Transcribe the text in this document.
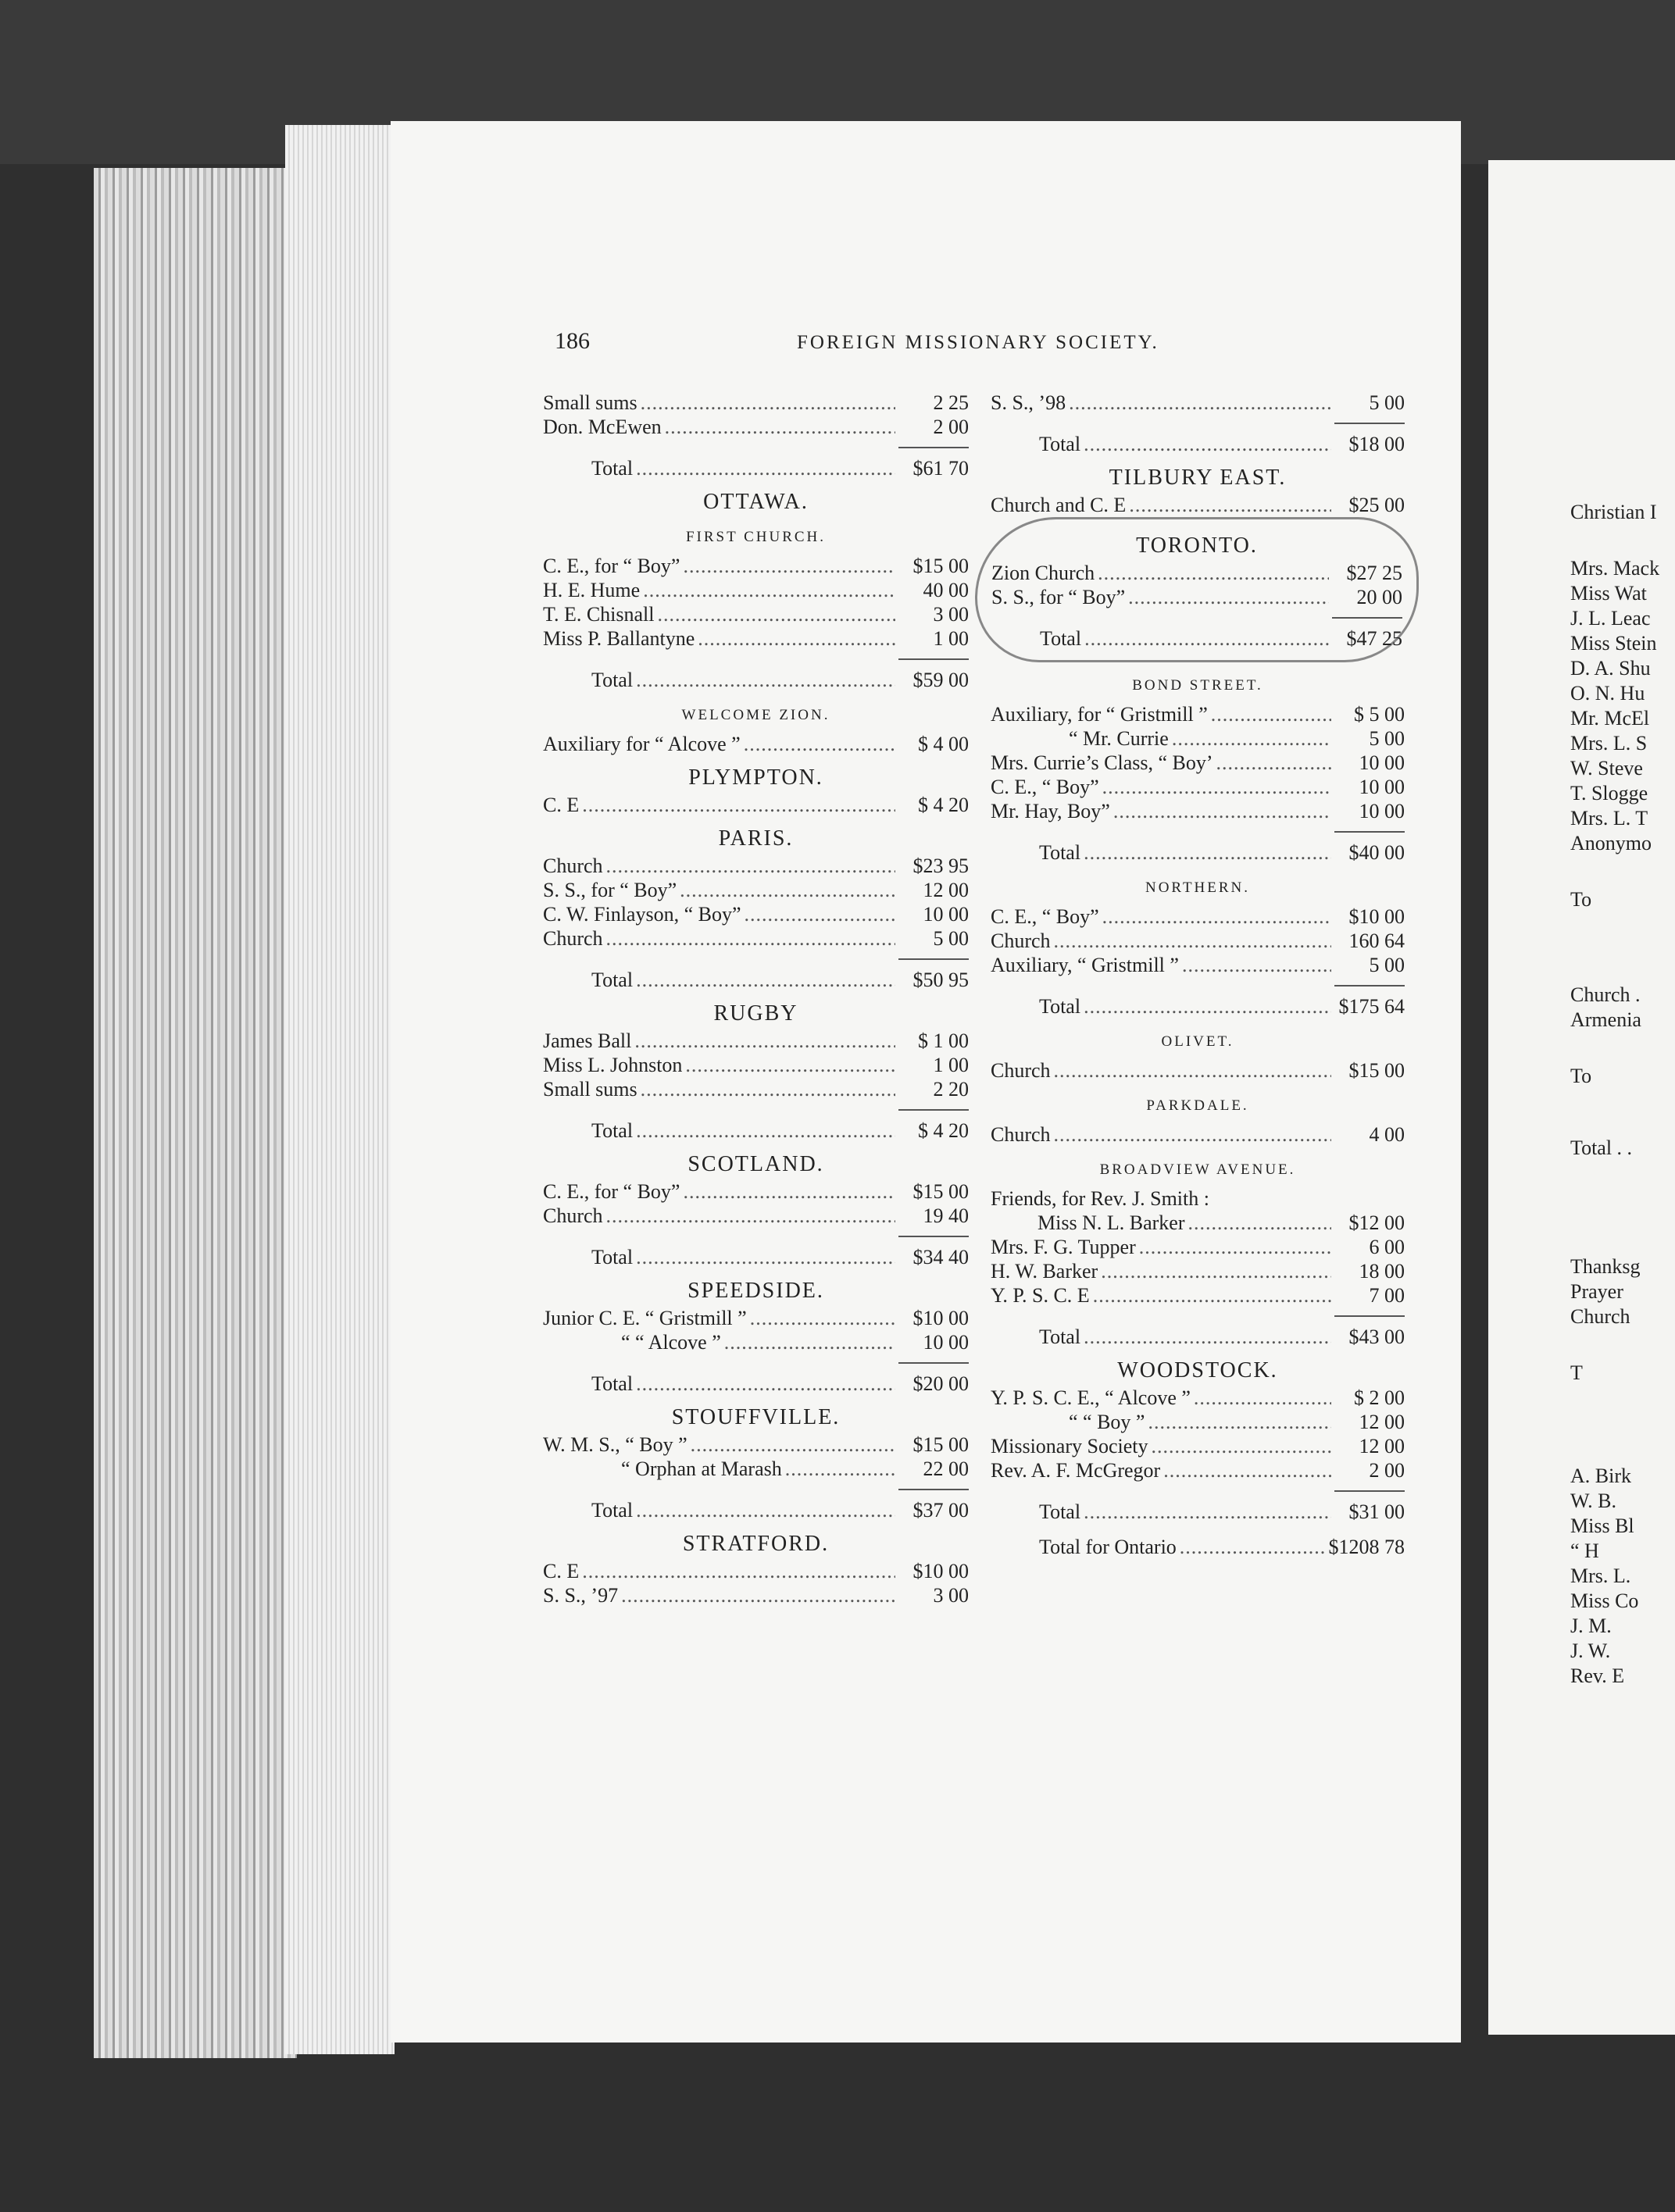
186	FOREIGN MISSIONARY SOCIETY.
Small sums .....	2 25
Don. McEwen .....	2 00
Total .....	$61 70
OTTAWA.
FIRST CHURCH.
C. E., for “ Boy” .....	$15 00
H. E. Hume .....	40 00
T. E. Chisnall .....	3 00
Miss P. Ballantyne .....	1 00
Total .....	$59 00
WELCOME ZION.
Auxiliary for “ Alcove ” .....	$ 4 00
PLYMPTON.
C. E .....	$ 4 20
PARIS.
Church .....	$23 95
S. S., for “ Boy” .....	12 00
C. W. Finlayson, “ Boy” .....	10 00
Church .....	5 00
Total .....	$50 95
RUGBY
James Ball .....	$ 1 00
Miss L. Johnston .....	1 00
Small sums .....	2 20
Total .....	$ 4 20
SCOTLAND.
C. E., for “ Boy” .....	$15 00
Church .....	19 40
Total .....	$34 40
SPEEDSIDE.
Junior C. E. “ Gristmill ” .....	$10 00
“ “ Alcove ” .....	10 00
Total .....	$20 00
STOUFFVILLE.
W. M. S., “ Boy ” .....	$15 00
“ Orphan at Marash .....	22 00
Total .....	$37 00
STRATFORD.
C. E .....	$10 00
S. S., ’97 .....	3 00
S. S., ’98 .....	5 00
Total .....	$18 00
TILBURY EAST.
Church and C. E .....	$25 00
TORONTO.
Zion Church .....	$27 25
S. S., for “ Boy” .....	20 00
Total .....	$47 25
BOND STREET.
Auxiliary, for “ Gristmill ” .....	$ 5 00
“ Mr. Currie .....	5 00
Mrs. Currie’s Class, “ Boy’ .....	10 00
C. E., “ Boy” .....	10 00
Mr. Hay, Boy” .....	10 00
Total .....	$40 00
NORTHERN.
C. E., “ Boy” .....	$10 00
Church .....	160 64
Auxiliary, “ Gristmill ” .....	5 00
Total .....	$175 64
OLIVET.
Church .....	$15 00
PARKDALE.
Church .....	4 00
BROADVIEW AVENUE.
Friends, for Rev. J. Smith :
Miss N. L. Barker .....	$12 00
Mrs. F. G. Tupper .....	6 00
H. W. Barker .....	18 00
Y. P. S. C. E .....	7 00
Total .....	$43 00
WOODSTOCK.
Y. P. S. C. E., “ Alcove ” .....	$ 2 00
“ “ Boy ” .....	12 00
Missionary Society .....	12 00
Rev. A. F. McGregor .....	2 00
Total .....	$31 00
Total for Ontario .....	$1208 78
Christian I
Mrs. Mack
Miss Wat
J. L. Leac
Miss Stein
D. A. Shu
O. N. Hu
Mr. McEl
Mrs. L. S
W. Steve
T. Slogge
Mrs. L. T
Anonymo
To
Church .
Armenia
To
Total . .
Thanksg
Prayer
Church
T
A. Birk
W. B.
Miss Bl
“ H
Mrs. L.
Miss Co
J. M.
J. W.
Rev. E
